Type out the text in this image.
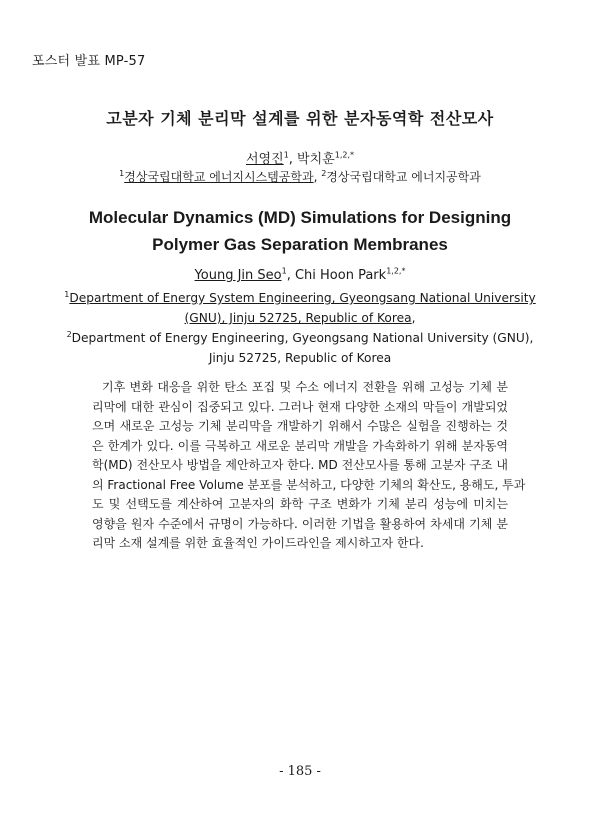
포스터 발표 MP-57
고분자 기체 분리막 설계를 위한 분자동역학 전산모사
서영진$^1$, 박치훈$^{1,2,*}$
$^1$경상국립대학교 에너지시스템공학과, $^2$경상국립대학교 에너지공학과
Molecular Dynamics (MD) Simulations for Designing
Polymer Gas Separation Membranes
Young Jin Seo$^1$, Chi Hoon Park$^{1,2,*}$
$^1$Department of Energy System Engineering, Gyeongsang National University
(GNU), Jinju 52725, Republic of Korea,
$^2$Department of Energy Engineering, Gyeongsang National University (GNU),
Jinju 52725, Republic of Korea
기후 변화 대응을 위한 탄소 포집 및 수소 에너지 전환을 위해 고성능 기체 분
리막에 대한 관심이 집중되고 있다. 그러나 현재 다양한 소재의 막들이 개발되었
으며 새로운 고성능 기체 분리막을 개발하기 위해서 수많은 실험을 진행하는 것
은 한계가 있다. 이를 극복하고 새로운 분리막 개발을 가속화하기 위해 분자동역
학(MD) 전산모사 방법을 제안하고자 한다. MD 전산모사를 통해 고분자 구조 내
의 Fractional Free Volume 분포를 분석하고, 다양한 기체의 확산도, 용해도, 투과
도 및 선택도를 계산하여 고분자의 화학 구조 변화가 기체 분리 성능에 미치는
영향을 원자 수준에서 규명이 가능하다. 이러한 기법을 활용하여 차세대 기체 분
리막 소재 설계를 위한 효율적인 가이드라인을 제시하고자 한다.
- 185 -
